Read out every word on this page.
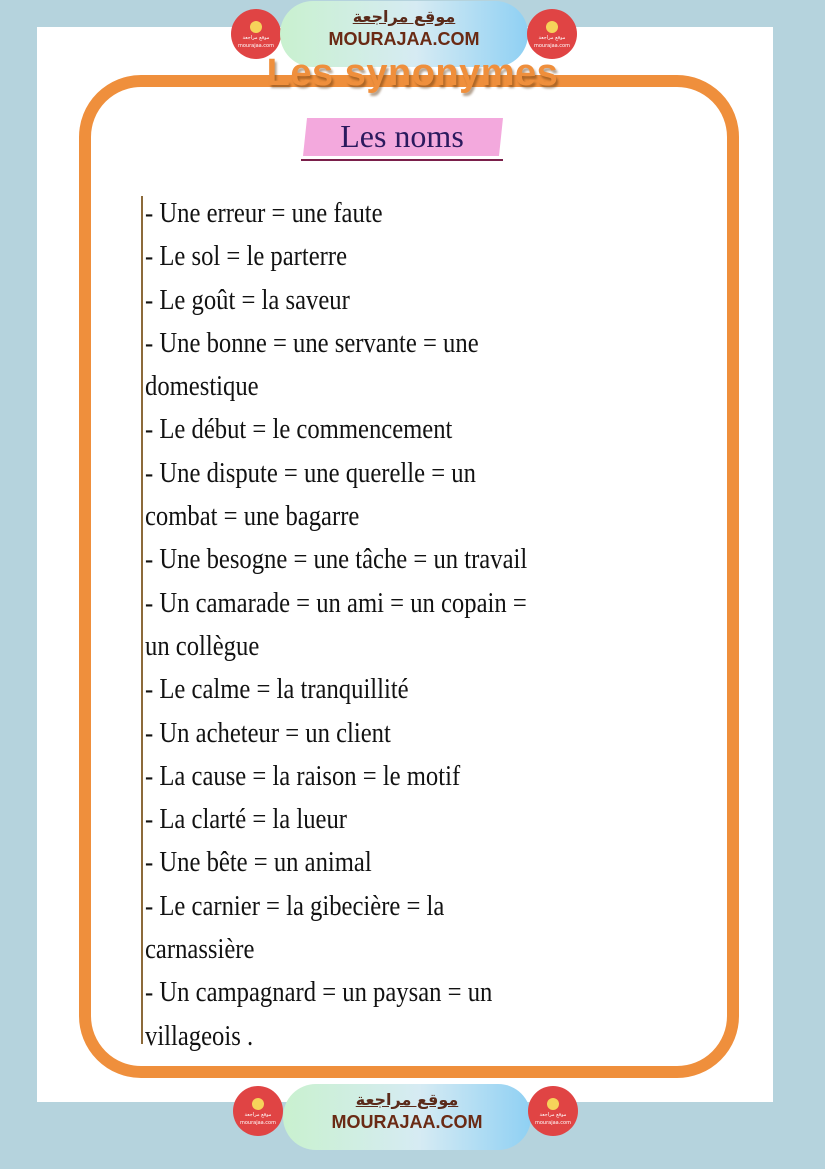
موقع مراجعة
mourajaa.com
موقع مراجعة
MOURAJAA.COM	موقع مراجعة
mourajaa.com
Les synonymes
Les noms
- Une erreur = une faute
- Le sol = le parterre
- Le goût = la saveur
- Une bonne = une servante = une
domestique
- Le début = le commencement
- Une dispute = une querelle = un
combat = une bagarre
- Une besogne = une tâche = un travail
- Un camarade = un ami = un copain =
un collègue
- Le calme = la tranquillité
- Un acheteur = un client
- La cause = la raison = le motif
- La clarté = la lueur
- Une bête = un animal
- Le carnier = la gibecière = la
carnassière
- Un campagnard = un paysan = un
villageois .
موقع مراجعة
mourajaa.com
موقع مراجعة
MOURAJAA.COM	موقع مراجعة
mourajaa.com
